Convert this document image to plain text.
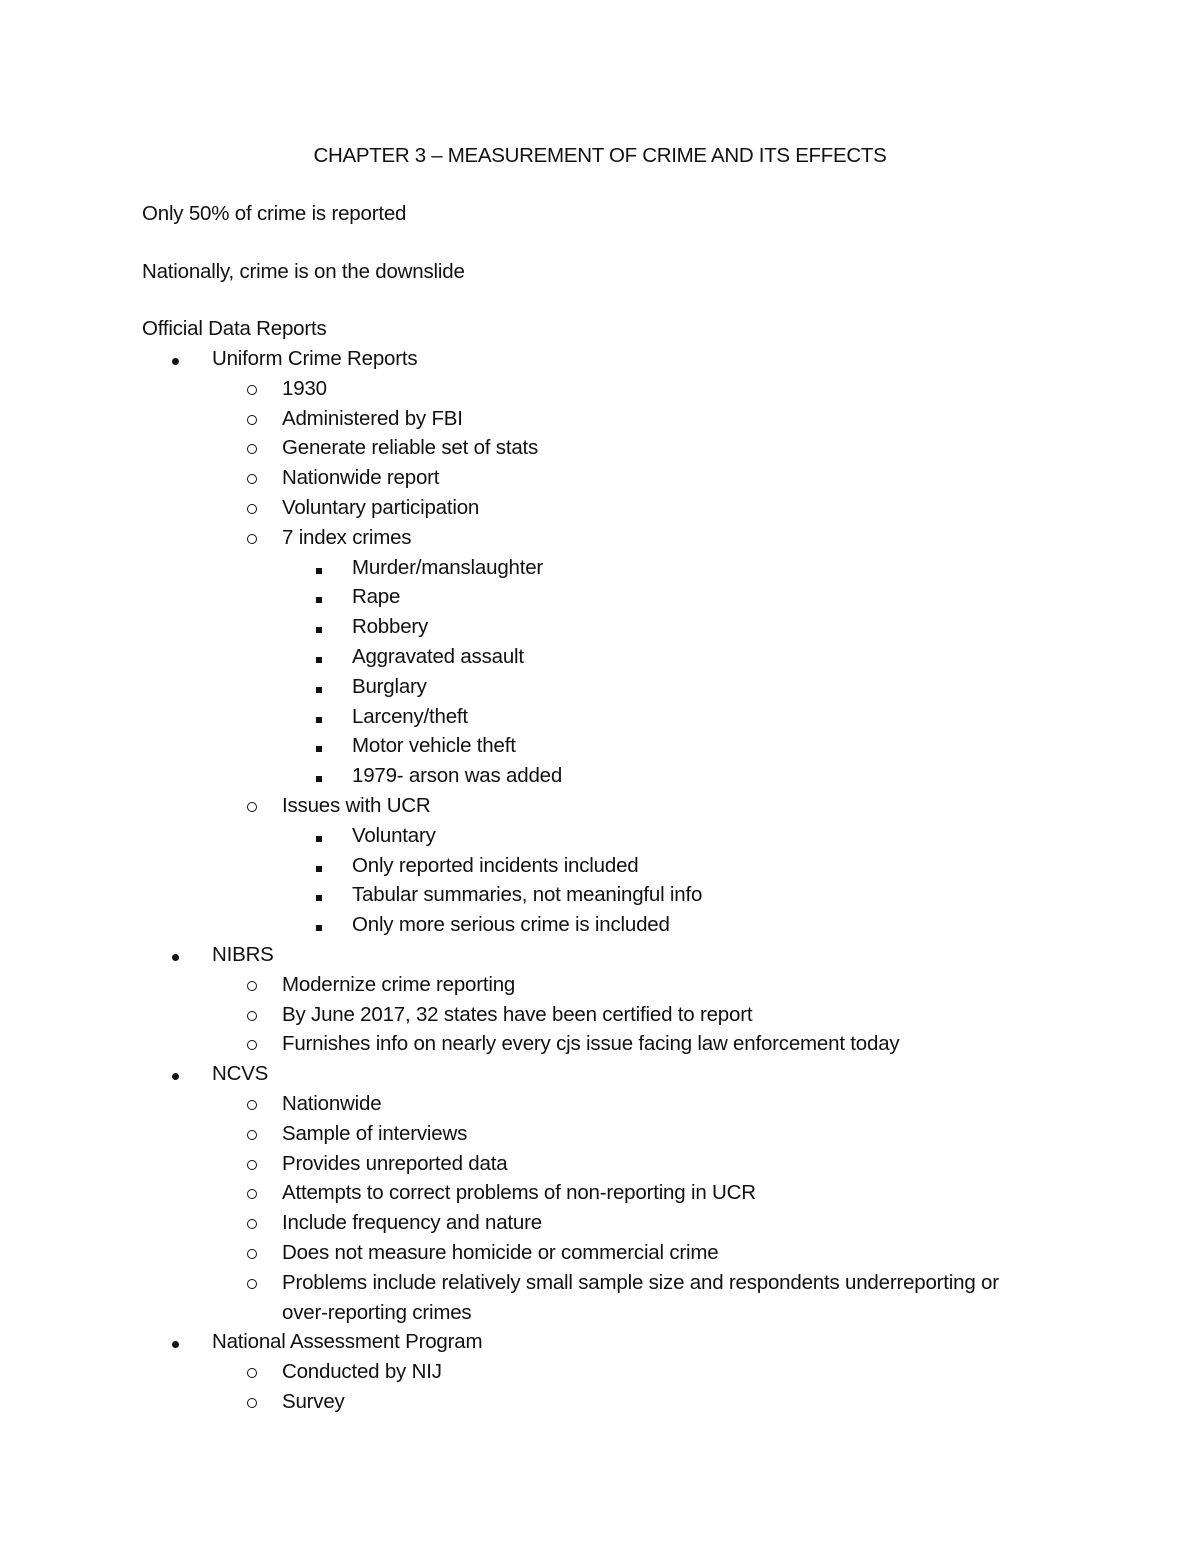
CHAPTER 3 – MEASUREMENT OF CRIME AND ITS EFFECTS
Only 50% of crime is reported
Nationally, crime is on the downslide
Official Data Reports
Uniform Crime Reports
1930
Administered by FBI
Generate reliable set of stats
Nationwide report
Voluntary participation
7 index crimes
Murder/manslaughter
Rape
Robbery
Aggravated assault
Burglary
Larceny/theft
Motor vehicle theft
1979- arson was added
Issues with UCR
Voluntary
Only reported incidents included
Tabular summaries, not meaningful info
Only more serious crime is included
NIBRS
Modernize crime reporting
By June 2017, 32 states have been certified to report
Furnishes info on nearly every cjs issue facing law enforcement today
NCVS
Nationwide
Sample of interviews
Provides unreported data
Attempts to correct problems of non-reporting in UCR
Include frequency and nature
Does not measure homicide or commercial crime
Problems include relatively small sample size and respondents underreporting or
National Assessment Program
Conducted by NIJ
Survey
over-reporting crimes
